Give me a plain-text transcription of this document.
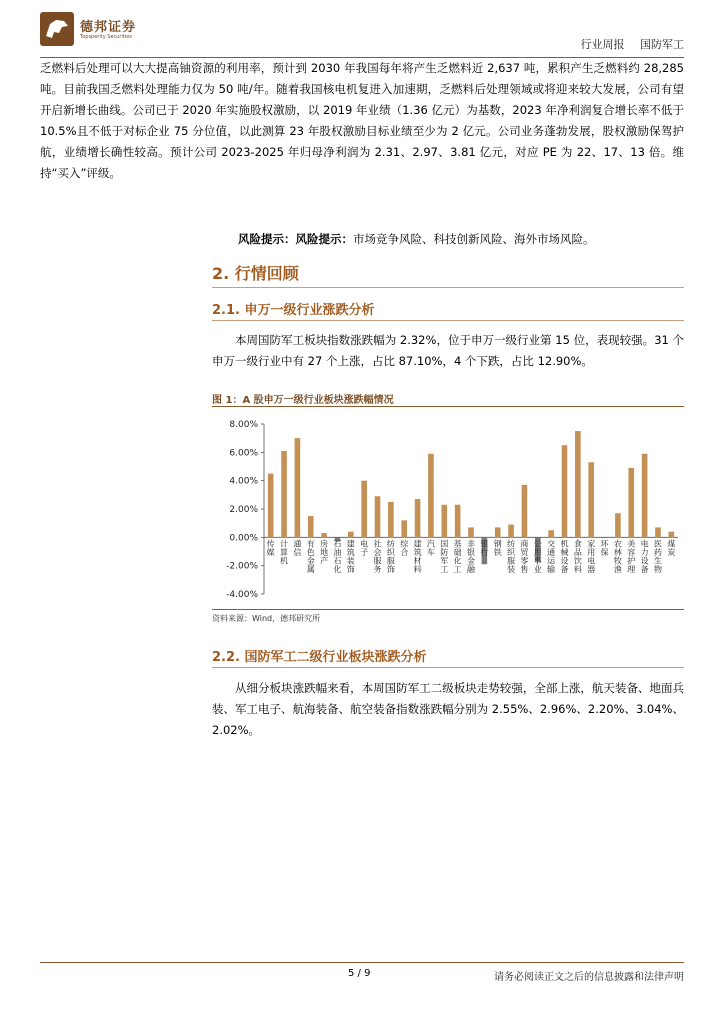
德邦证券
Topsperity Securities
行业周报 国防军工

乏燃料后处理可以大大提高铀资源的利用率，预计到 2030 年我国每年将产生乏燃料近 2,637 吨，累积产生乏燃料约 28,285 吨。目前我国乏燃料处理能力仅为 50 吨/年。随着我国核电机复进入加速期，乏燃料后处理领域或将迎来较大发展，公司有望开启新增长曲线。公司已于 2020 年实施股权激励，以 2019 年业绩（1.36 亿元）为基数，2023 年净利润复合增长率不低于 10.5%且不低于对标企业 75 分位值，以此测算 23 年股权激励目标业绩至少为 2 亿元。公司业务蓬勃发展，股权激励保驾护航，业绩增长确性较高。预计公司 2023-2025 年归母净利润为 2.31、2.97、3.81 亿元，对应 PE 为 22、17、13 倍。维持“买入”评级。

风险提示：风险提示：市场竞争风险、科技创新风险、海外市场风险。
2. 行情回顾
2.1. 申万一级行业涨跌分析

本周国防军工板块指数涨跌幅为 2.32%，位于申万一级行业第 15 位，表现较强。31 个申万一级行业中有 27 个上涨，占比 87.10%，4 个下跌，占比 12.90%。

图 1：A 股申万一级行业板块涨跌幅情况
8.00%
6.00%
4.00%
2.00%
0.00%
-2.00%
-4.00%
传媒
计算机
通信
有色金属
房地产
石油石化
建筑装饰
电子
社会服务
纺织服饰
综合
建筑材料
汽车
国防军工
基础化工
非银金融
银行
钢铁
纺织服装
商贸零售
公用事业
交通运输
机械设备
食品饮料
家用电器
环保
农林牧渔
美容护理
电力设备
医药生物
煤炭
资料来源：Wind，德邦研究所
2.2. 国防军工二级行业板块涨跌分析

从细分板块涨跌幅来看，本周国防军工二级板块走势较强，全部上涨，航天装备、地面兵装、军工电子、航海装备、航空装备指数涨跌幅分别为 2.55%、2.96%、2.20%、3.04%、2.02%。

5 / 9	请务必阅读正文之后的信息披露和法律声明
